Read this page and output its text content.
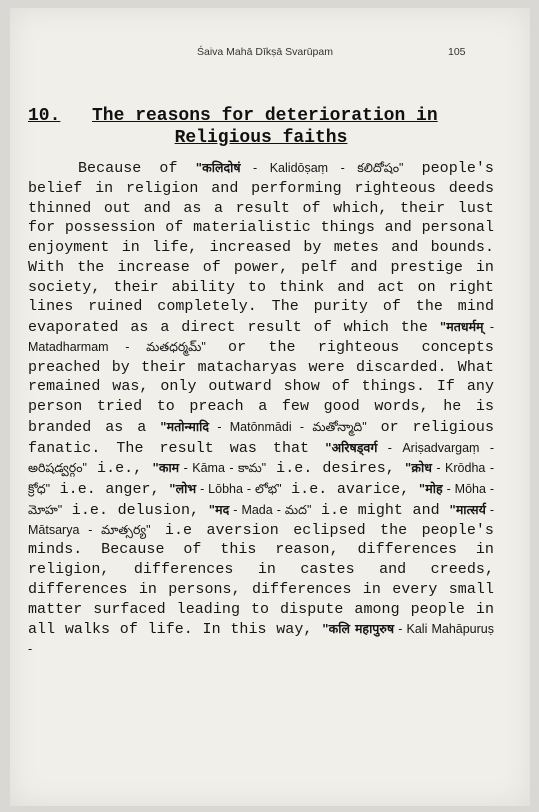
Śaiva Mahā Dīkṣā Svarūpam	105
10. The reasons for deterioration in
Religious faiths
Because of "कलिदोषं - Kalidōṣaṃ - కలిదోషం" people's belief in religion and performing righteous deeds thinned out and as a result of which, their lust for possession of materialistic things and personal enjoyment in life, increased by metes and bounds. With the increase of power, pelf and prestige in society, their ability to think and act on right lines ruined completely. The purity of the mind evaporated as a direct result of which the "मतधर्मम् - Matadharmam - మతధర్మమ్" or the righteous concepts preached by their matacharyas were discarded. What remained was, only outward show of things. If any person tried to preach a few good words, he is branded as a "मतोन्मादि - Matōnmādi - మతోన్మాది" or religious fanatic. The result was that "अरिषड्वर्ग - Ariṣadvargaṃ - అరిషడ్వర్గం" i.e., "काम - Kāma - కామ" i.e. desires, "क्रोध - Krōdha - క్రోధ" i.e. anger, "लोभ - Lōbha - లోభ" i.e. avarice, "मोह - Mōha - మోహ" i.e. delusion, "मद - Mada - మద" i.e might and "मात्सर्य - Mātsarya - మాత్సర్య" i.e aversion eclipsed the people's minds. Because of this reason, differences in religion, differences in castes and creeds, differences in persons, differences in every small matter surfaced leading to dispute among people in all walks of life. In this way, "कलि महापुरुष - Kali Mahāpuruṣ -
